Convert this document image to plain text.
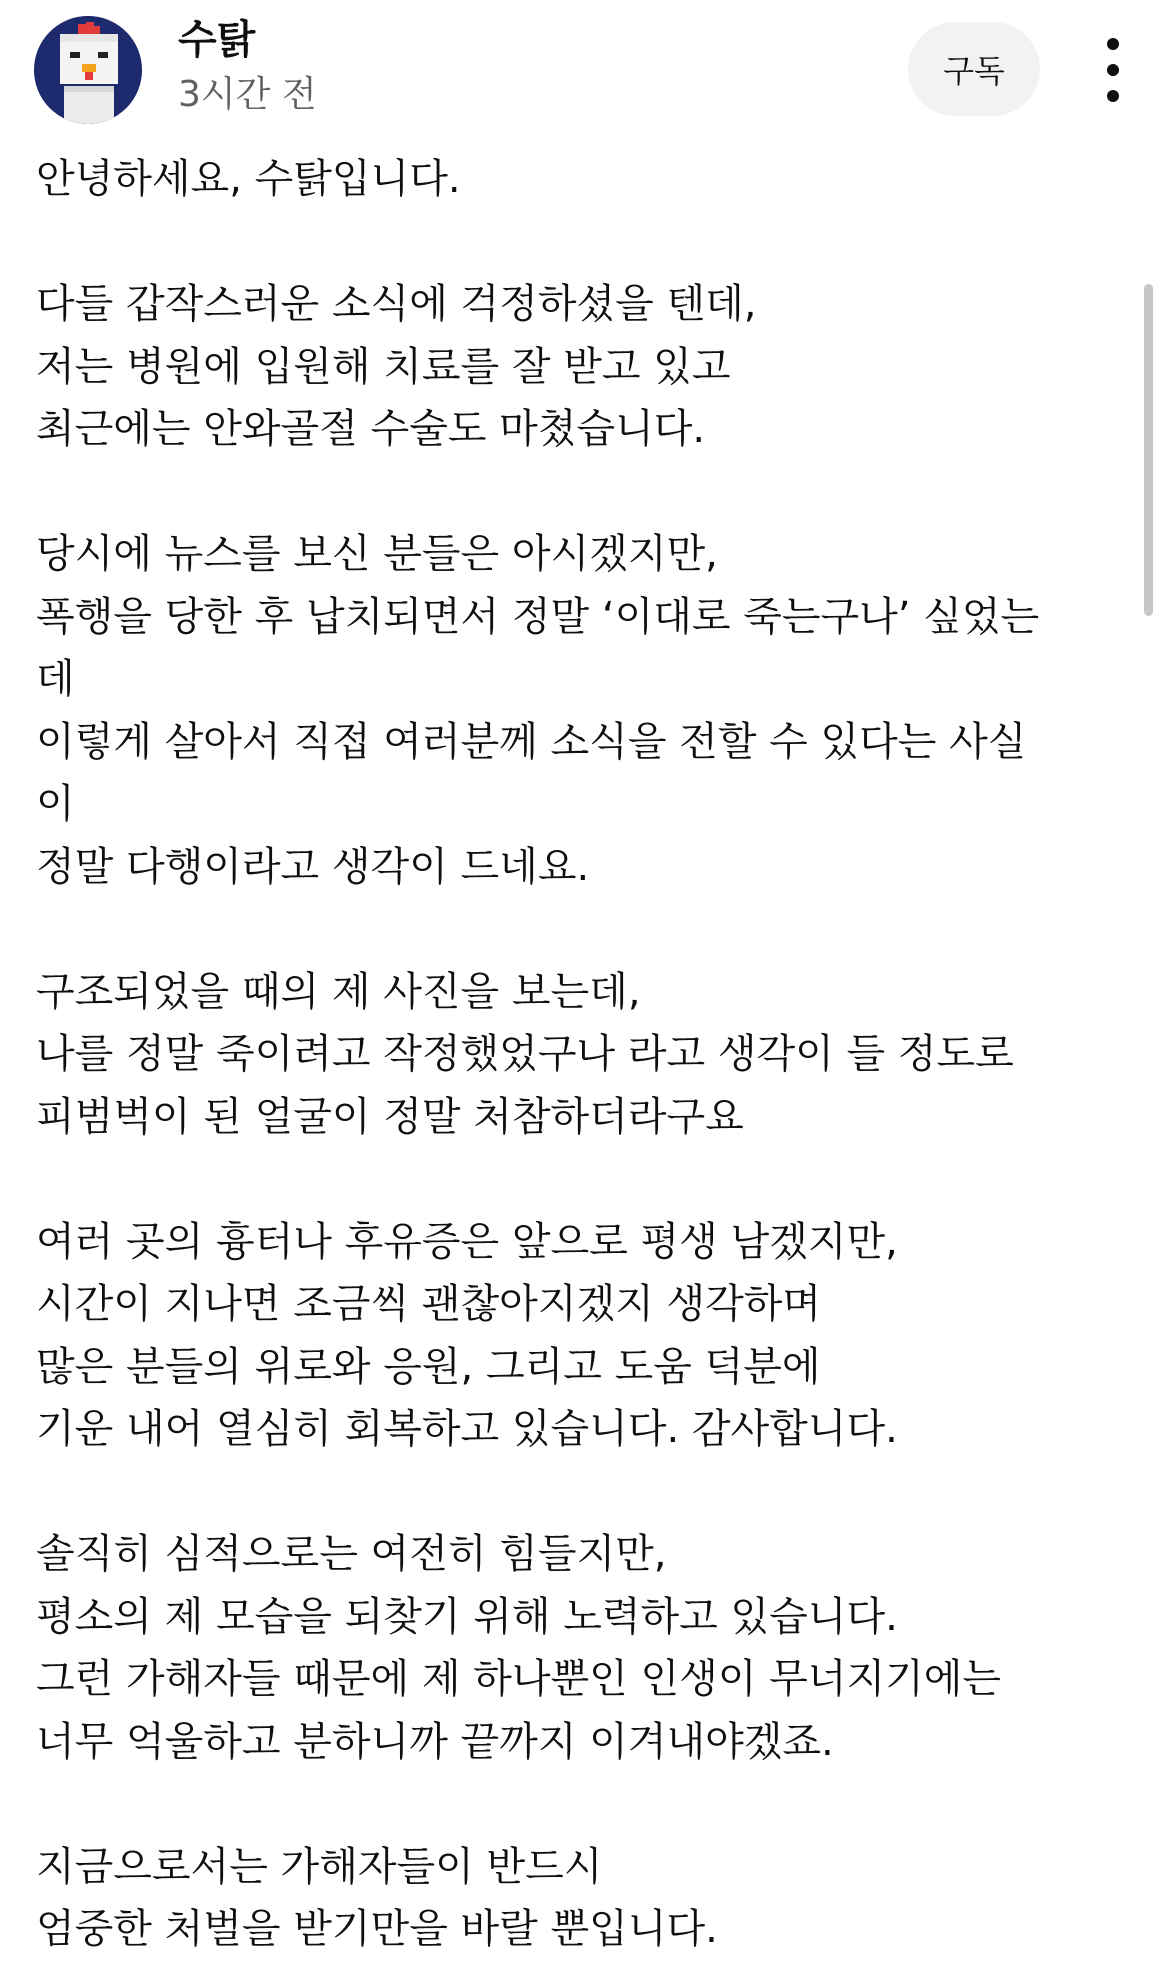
수탉
3시간 전
구독
안녕하세요, 수탉입니다.
다들 갑작스러운 소식에 걱정하셨을 텐데,
저는 병원에 입원해 치료를 잘 받고 있고
최근에는 안와골절 수술도 마쳤습니다.
당시에 뉴스를 보신 분들은 아시겠지만,
폭행을 당한 후 납치되면서 정말 ‘이대로 죽는구나’ 싶었는
데
이렇게 살아서 직접 여러분께 소식을 전할 수 있다는 사실
이
정말 다행이라고 생각이 드네요.
구조되었을 때의 제 사진을 보는데,
나를 정말 죽이려고 작정했었구나 라고 생각이 들 정도로
피범벅이 된 얼굴이 정말 처참하더라구요
여러 곳의 흉터나 후유증은 앞으로 평생 남겠지만,
시간이 지나면 조금씩 괜찮아지겠지 생각하며
많은 분들의 위로와 응원, 그리고 도움 덕분에
기운 내어 열심히 회복하고 있습니다. 감사합니다.
솔직히 심적으로는 여전히 힘들지만,
평소의 제 모습을 되찾기 위해 노력하고 있습니다.
그런 가해자들 때문에 제 하나뿐인 인생이 무너지기에는
너무 억울하고 분하니까 끝까지 이겨내야겠죠.
지금으로서는 가해자들이 반드시
엄중한 처벌을 받기만을 바랄 뿐입니다.
